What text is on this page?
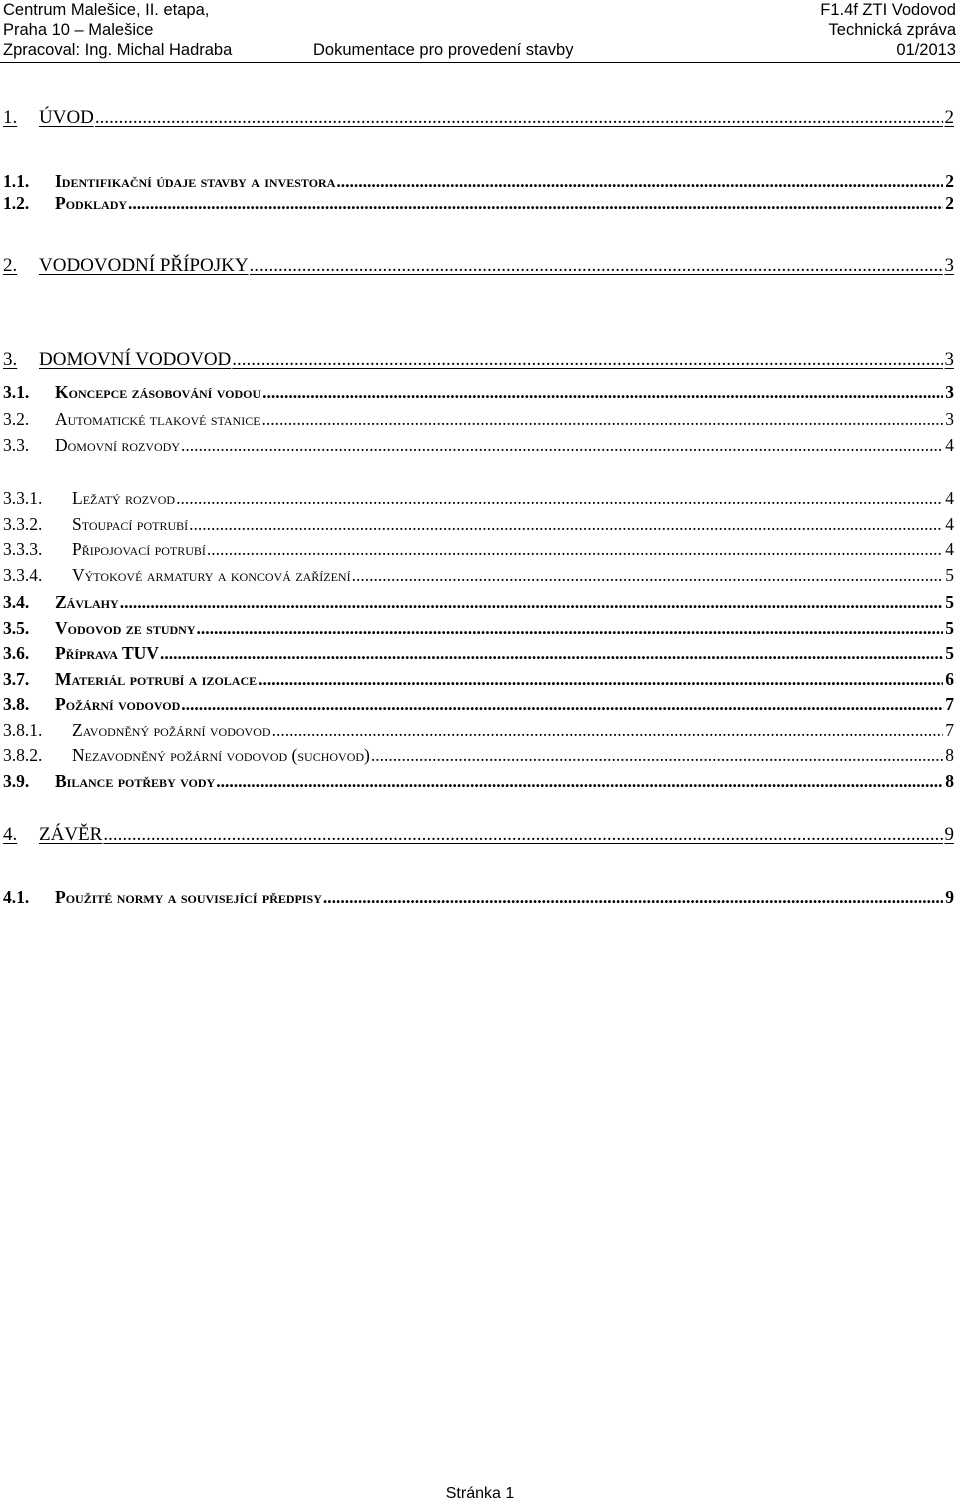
Centrum Malešice, II. etapa,	F1.4f ZTI Vodovod
Praha 10 – Malešice	Technická zpráva
Zpracoval: Ing. Michal Hadraba	Dokumentace pro provedení stavby	01/2013
1.	ÚVOD .....	2
1.1.	Identifikační údaje stavby a investora .....	2
1.2.	Podklady .....	2
2.	VODOVODNÍ PŘÍPOJKY .....	3
3.	DOMOVNÍ VODOVOD .....	3
3.1.	Koncepce zásobování vodou .....	3
3.2.	Automatické tlakové stanice .....	3
3.3.	Domovní rozvody .....	4
3.3.1.	Ležatý rozvod .....	4
3.3.2.	Stoupací potrubí .....	4
3.3.3.	Připojovací potrubí .....	4
3.3.4.	Výtokové armatury a koncová zařízení .....	5
3.4.	Závlahy .....	5
3.5.	Vodovod ze studny .....	5
3.6.	Příprava TUV .....	5
3.7.	Materiál potrubí a izolace .....	6
3.8.	Požární vodovod .....	7
3.8.1.	Zavodněný požární vodovod .....	7
3.8.2.	Nezavodněný požární vodovod (suchovod) .....	8
3.9.	Bilance potřeby vody .....	8
4.	ZÁVĚR .....	9
4.1.	Použité normy a související předpisy .....	9
Stránka 1
